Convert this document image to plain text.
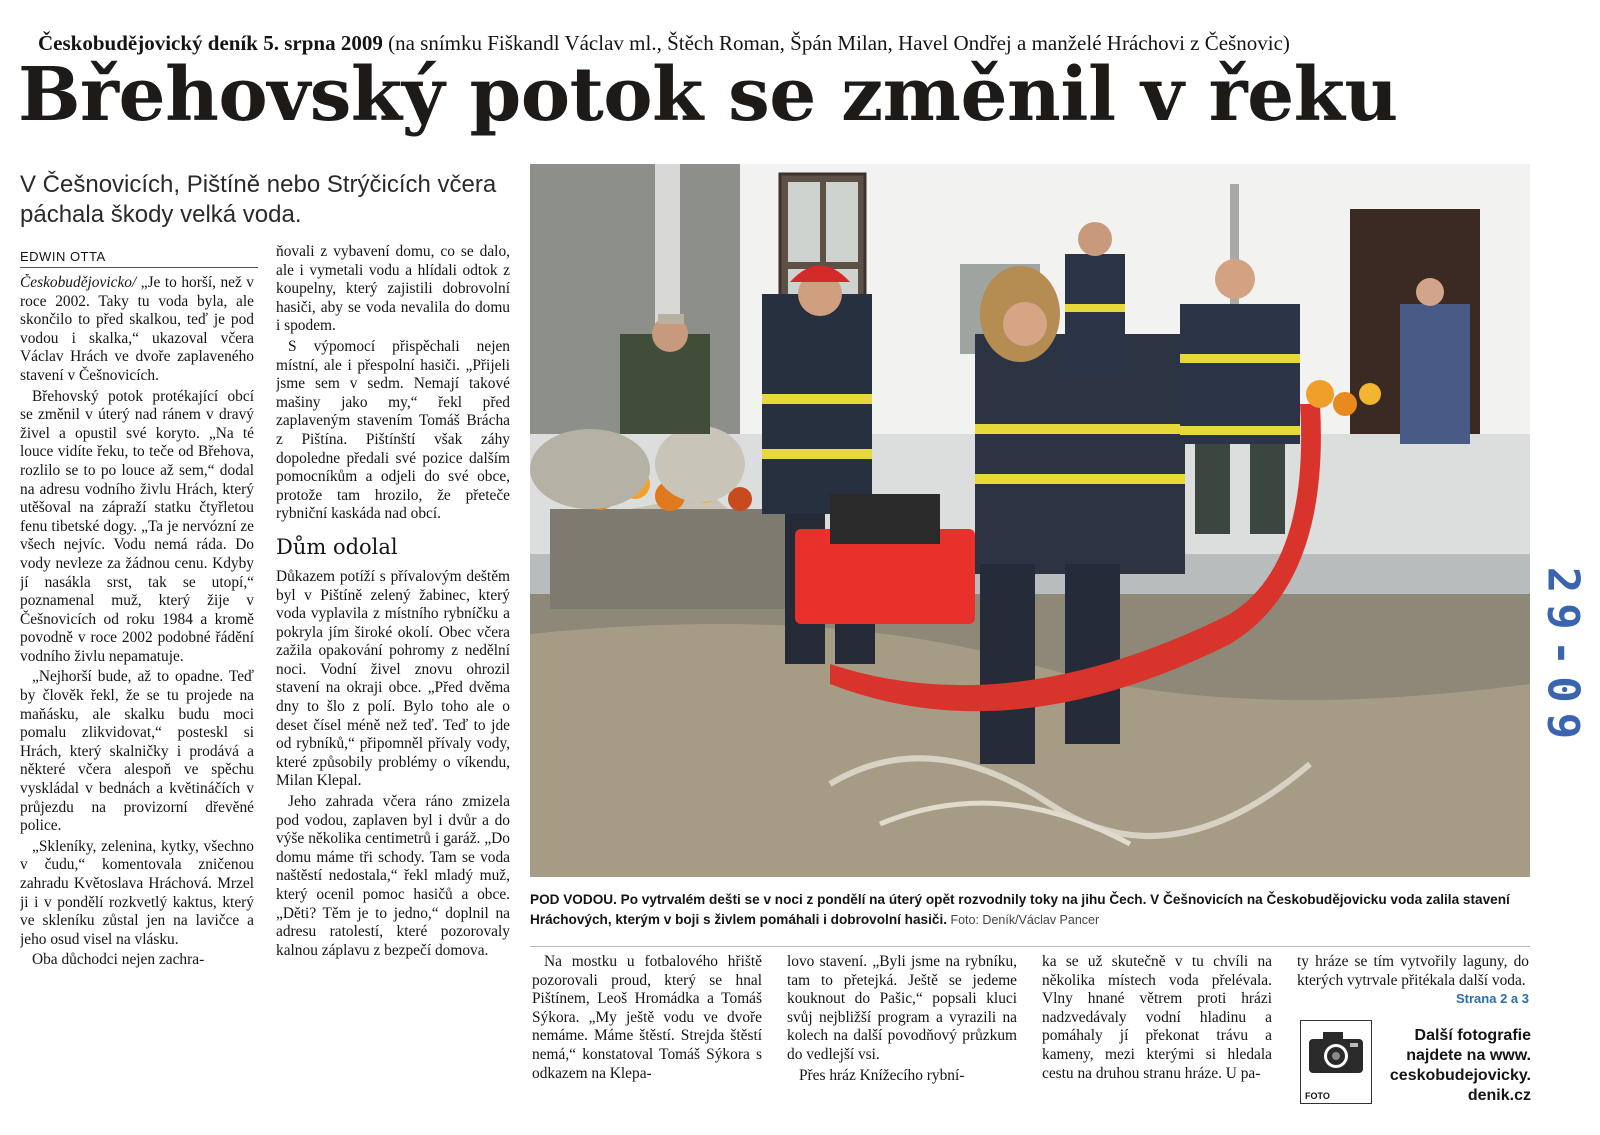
Českobudějovický deník 5. srpna 2009 (na snímku Fiškandl Václav ml., Štěch Roman, Špán Milan, Havel Ondřej a manželé Hráchovi z Češnovic)
Břehovský potok se změnil v řeku
V Češnovicích, Pištíně nebo Strýčicích včera páchala škody velká voda.
EDWIN OTTA

Českobudějovicko/ „Je to horší, než v roce 2002. Taky tu voda byla, ale skončilo to před skalkou, teď je pod vodou i skalka,“ ukazoval včera Václav Hrách ve dvoře zaplaveného stavení v Češnovicích.

Břehovský potok protékající obcí se změnil v úterý nad ránem v dravý živel a opustil své koryto. „Na té louce vidíte řeku, to teče od Břehova, rozlilo se to po louce až sem,“ dodal na adresu vodního živlu Hrách, který utěšoval na zápraží statku čtyřletou fenu tibetské dogy. „Ta je nervózní ze všech nejvíc. Vodu nemá ráda. Do vody nevleze za žádnou cenu. Kdyby jí nasákla srst, tak se utopí,“ poznamenal muž, který žije v Češnovicích od roku 1984 a kromě povodně v roce 2002 podobné řádění vodního živlu nepamatuje.

„Nejhorší bude, až to opadne. Teď by člověk řekl, že se tu projede na maňásku, ale skalku budu moci pomalu zlikvidovat,“ posteskl si Hrách, který skalničky i prodává a některé včera alespoň ve spěchu vyskládal v bednách a květináčích v průjezdu na provizorní dřevěné police.

„Skleníky, zelenina, kytky, všechno v čudu,“ komentovala zničenou zahradu Květoslava Hráchová. Mrzel ji i v pondělí rozkvetlý kaktus, který ve skleníku zůstal jen na lavičce a jeho osud visel na vlásku.

Oba důchodci nejen zachra-

ňovali z vybavení domu, co se dalo, ale i vymetali vodu a hlídali odtok z koupelny, který zajistili dobrovolní hasiči, aby se voda nevalila do domu i spodem.

S výpomocí přispěchali nejen místní, ale i přespolní hasiči. „Přijeli jsme sem v sedm. Nemají takové mašiny jako my,“ řekl před zaplaveným stavením Tomáš Brácha z Pištína. Pištínští však záhy dopoledne předali své pozice dalším pomocníkům a odjeli do své obce, protože tam hrozilo, že přeteče rybniční kaskáda nad obcí.

Dům odolal

Důkazem potíží s přívalovým deštěm byl v Pištíně zelený žabinec, který voda vyplavila z místního rybníčku a pokryla jím široké okolí. Obec včera zažila opakování pohromy z nedělní noci. Vodní živel znovu ohrozil stavení na okraji obce. „Před dvěma dny to šlo z polí. Bylo toho ale o deset čísel méně než teď. Teď to jde od rybníků,“ připomněl přívaly vody, které způsobily problémy o víkendu, Milan Klepal.

Jeho zahrada včera ráno zmizela pod vodou, zaplaven byl i dvůr a do výše několika centimetrů i garáž. „Do domu máme tři schody. Tam se voda naštěstí nedostala,“ řekl mladý muž, který ocenil pomoc hasičů a obce. „Děti? Těm je to jedno,“ doplnil na adresu ratolestí, které pozorovaly kalnou záplavu z bezpečí domova.

POD VODOU. Po vytrvalém dešti se v noci z pondělí na úterý opět rozvodnily toky na jihu Čech. V Češnovicích na Českobudějovicku voda zalila stavení Hráchových, kterým v boji s živlem pomáhali i dobrovolní hasiči. Foto: Deník/Václav Pancer

Na mostku u fotbalového hřiště pozorovali proud, který se hnal Pištínem, Leoš Hromádka a Tomáš Sýkora. „My ještě vodu ve dvoře nemáme. Máme štěstí. Strejda štěstí nemá,“ konstatoval Tomáš Sýkora s odkazem na Klepa-

lovo stavení. „Byli jsme na rybníku, tam to přetejká. Ještě se jedeme kouknout do Pašic,“ popsali kluci svůj nejbližší program a vyrazili na kolech na další povodňový průzkum do vedlejší vsi.

Přes hráz Knížecího rybní-

ka se už skutečně v tu chvíli na několika místech voda přelévala. Vlny hnané větrem proti hrázi nadzvedávaly vodní hladinu a pomáhaly jí překonat trávu a kameny, mezi kterými si hledala cestu na druhou stranu hráze. U pa-

ty hráze se tím vytvořily laguny, do kterých vytrvale přitékala další voda.
Strana 2 a 3

FOTO
Další fotografie najdete na www. ceskobudejovicky. denik.cz
29-09
